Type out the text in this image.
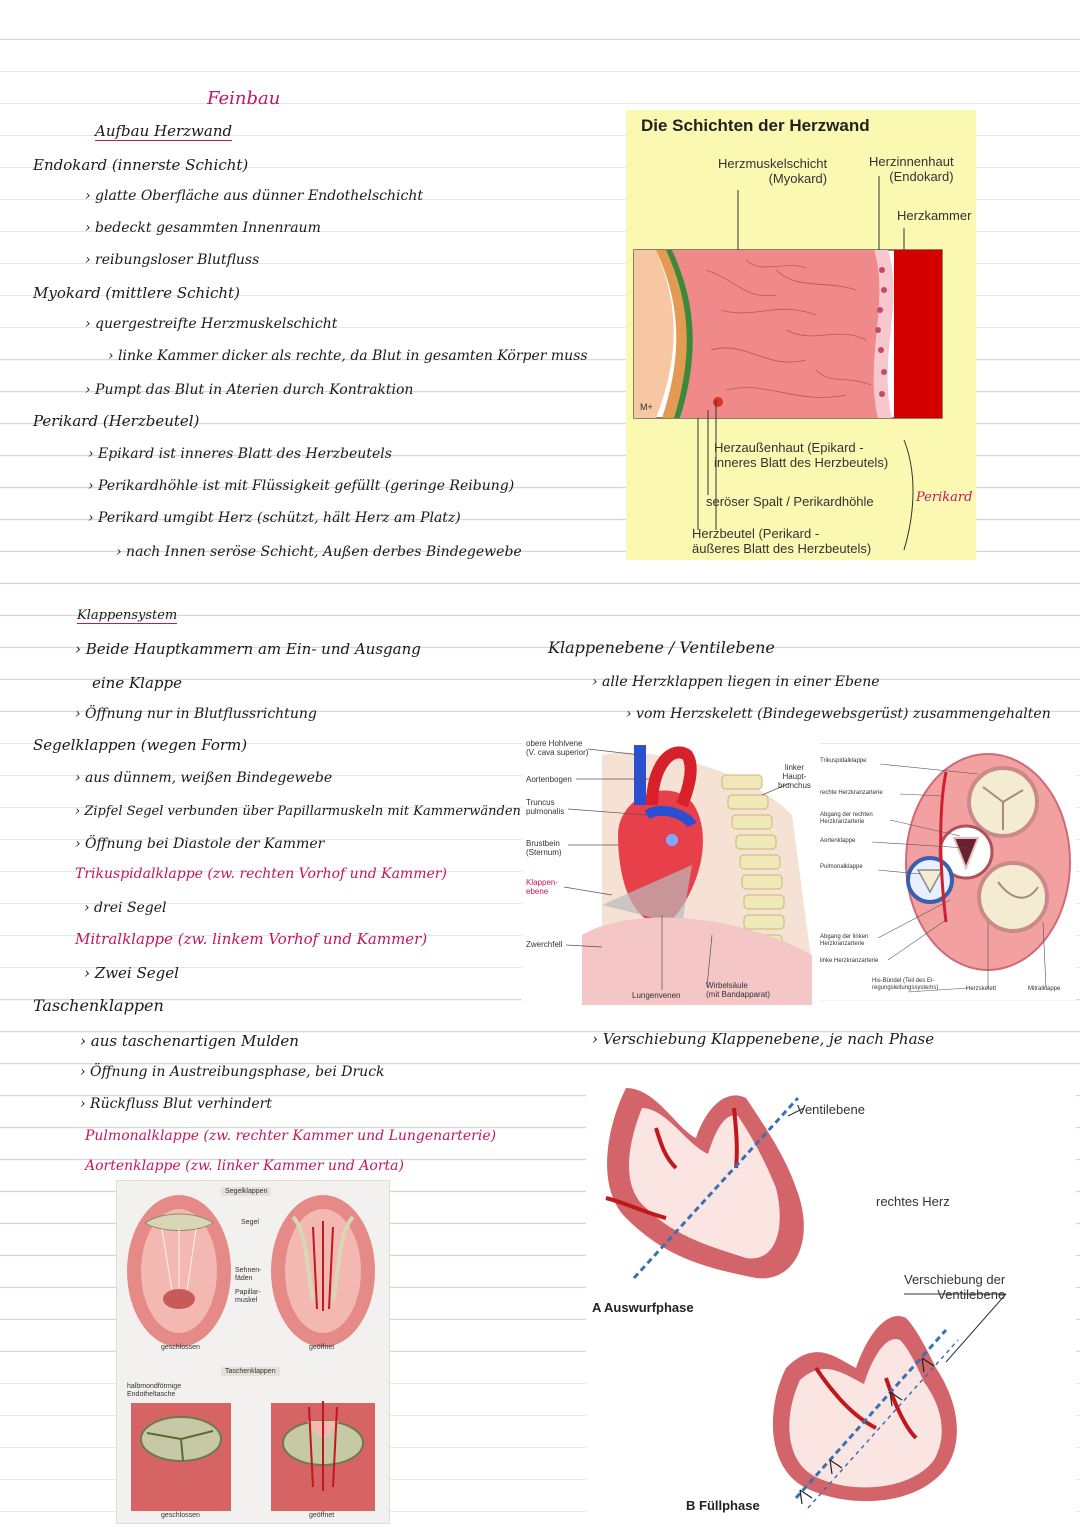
Feinbau
Aufbau Herzwand
Endokard (innerste Schicht)
› glatte Oberfläche aus dünner Endothelschicht
› bedeckt gesammten Innenraum
› reibungsloser Blutfluss
Myokard (mittlere Schicht)
› quergestreifte Herzmuskelschicht
› linke Kammer dicker als rechte, da Blut in gesamten Körper muss
› Pumpt das Blut in Aterien durch Kontraktion
Perikard (Herzbeutel)
› Epikard ist inneres Blatt des Herzbeutels
› Perikardhöhle ist mit Flüssigkeit gefüllt (geringe Reibung)
› Perikard umgibt Herz (schützt, hält Herz am Platz)
› nach Innen seröse Schicht, Außen derbes Bindegewebe
Die Schichten der Herzwand
Herzmuskelschicht
(Myokard)
Herzinnenhaut
(Endokard)
Herzkammer
M+
Herzaußenhaut (Epikard -
inneres Blatt des Herzbeutels)
seröser Spalt / Perikardhöhle
Herzbeutel (Perikard -
äußeres Blatt des Herzbeutels)
Perikard
Klappensystem
› Beide Hauptkammern am Ein- und Ausgang
eine Klappe
› Öffnung nur in Blutflussrichtung
Segelklappen (wegen Form)
› aus dünnem, weißen Bindegewebe
› Zipfel Segel verbunden über Papillarmuskeln mit Kammerwänden
› Öffnung bei Diastole der Kammer
Trikuspidalklappe (zw. rechten Vorhof und Kammer)
› drei Segel
Mitralklappe (zw. linkem Vorhof und Kammer)
› Zwei Segel
Taschenklappen
› aus taschenartigen Mulden
› Öffnung in Austreibungsphase, bei Druck
› Rückfluss Blut verhindert
Pulmonalklappe (zw. rechter Kammer und Lungenarterie)
Aortenklappe (zw. linker Kammer und Aorta)
Klappenebene / Ventilebene
› alle Herzklappen liegen in einer Ebene
› vom Herzskelett (Bindegewebsgerüst) zusammengehalten
› Verschiebung Klappenebene, je nach Phase
obere Hohlvene
(V. cava superior)
Aortenbogen
Truncus
pulmonalis
Brustbein
(Sternum)
Klappen-
ebene
Zwerchfell
Lungenvenen
Wirbelsäule
(mit Bandapparat)
linker
Haupt-
bronchus
Trikuspidalklappe
rechte Herzkranzarterie
Abgang der rechten
Herzkranzarterie
Aortenklappe
Pulmonalklappe
Abgang der linken
Herzkranzarterie
linke Herzkranzarterie
His-Bündel (Teil des Er-
regungsleitungssystems)	Herzskelett	Mitralklappe
Segelklappen
Segel
Sehnen-
fäden
Papillar-
muskel
geschlossen	geöffnet
Taschenklappen
halbmondförmige
Endotheltasche
geschlossen	geöffnet
Ventilebene
rechtes Herz
A Auswurfphase
Verschiebung der
Ventilebene
B Füllphase
